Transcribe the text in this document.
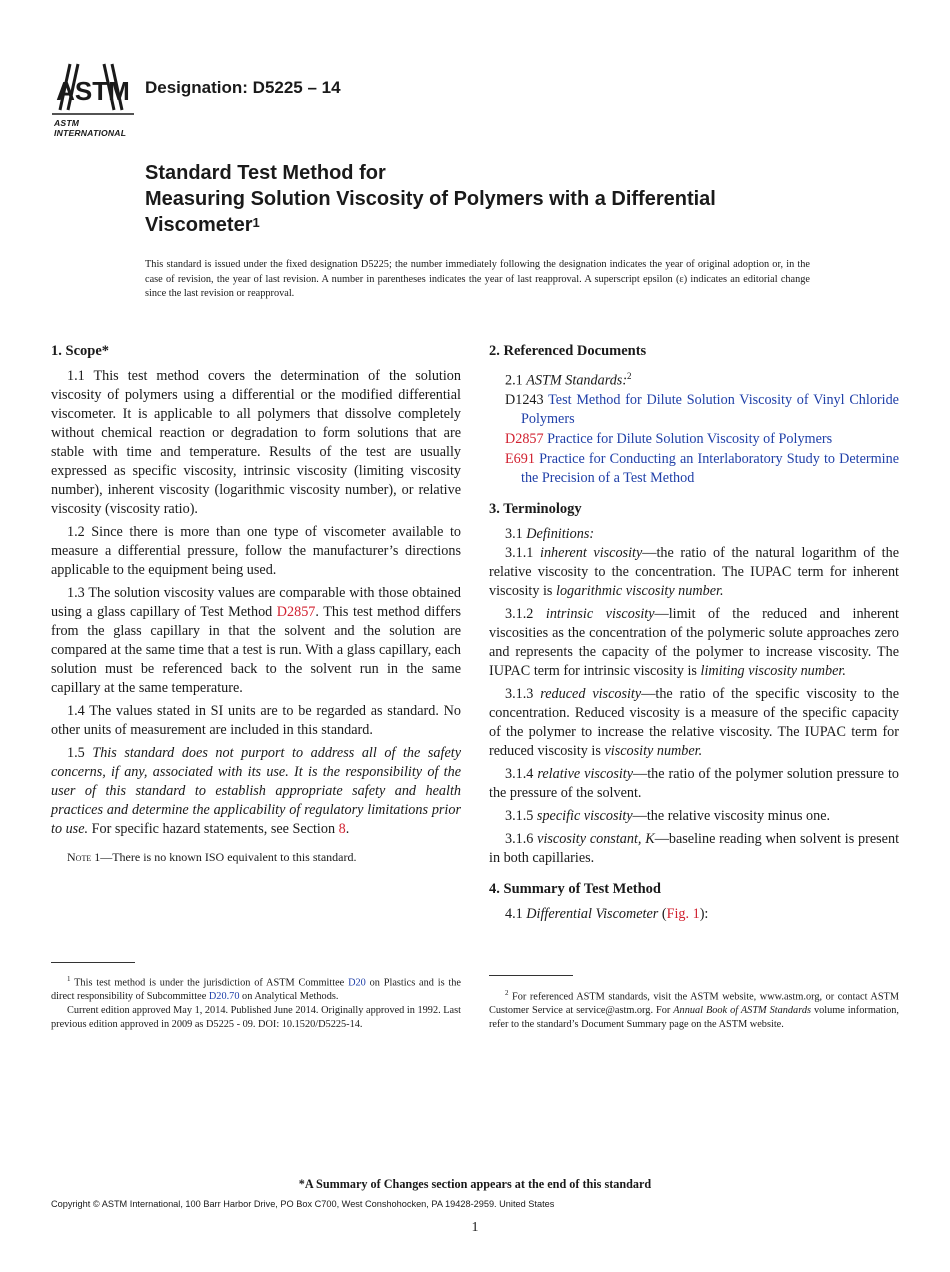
ASTM
ASTM INTERNATIONAL
Designation: D5225 – 14
Standard Test Method for
Measuring Solution Viscosity of Polymers with a Differential
Viscometer$^1$
This standard is issued under the fixed designation D5225; the number immediately following the designation indicates the year of original adoption or, in the case of revision, the year of last revision. A number in parentheses indicates the year of last reapproval. A superscript epsilon (ε) indicates an editorial change since the last revision or reapproval.

1. Scope*

1.1 This test method covers the determination of the solution viscosity of polymers using a differential or the modified differential viscometer. It is applicable to all polymers that dissolve completely without chemical reaction or degradation to form solutions that are stable with time and temperature. Results of the test are usually expressed as specific viscosity, intrinsic viscosity (limiting viscosity number), inherent viscosity (logarithmic viscosity number), or relative viscosity (viscosity ratio).

1.2 Since there is more than one type of viscometer available to measure a differential pressure, follow the manufacturer’s directions applicable to the equipment being used.

1.3 The solution viscosity values are comparable with those obtained using a glass capillary of Test Method D2857. This test method differs from the glass capillary in that the solvent and the solution are compared at the same time that a test is run. With a glass capillary, each solution must be referenced back to the solvent run in the same capillary at the same temperature.

1.4 The values stated in SI units are to be regarded as standard. No other units of measurement are included in this standard.

1.5 This standard does not purport to address all of the safety concerns, if any, associated with its use. It is the responsibility of the user of this standard to establish appropriate safety and health practices and determine the applicability of regulatory limitations prior to use. For specific hazard statements, see Section 8.

Note 1—There is no known ISO equivalent to this standard.

$^1$ This test method is under the jurisdiction of ASTM Committee D20 on Plastics and is the direct responsibility of Subcommittee D20.70 on Analytical Methods.

Current edition approved May 1, 2014. Published June 2014. Originally approved in 1992. Last previous edition approved in 2009 as D5225 - 09. DOI: 10.1520/D5225-14.

2. Referenced Documents

2.1 ASTM Standards:$^2$

D1243 Test Method for Dilute Solution Viscosity of Vinyl Chloride Polymers

D2857 Practice for Dilute Solution Viscosity of Polymers

E691 Practice for Conducting an Interlaboratory Study to Determine the Precision of a Test Method

3. Terminology

3.1 Definitions:

3.1.1 inherent viscosity—the ratio of the natural logarithm of the relative viscosity to the concentration. The IUPAC term for inherent viscosity is logarithmic viscosity number.

3.1.2 intrinsic viscosity—limit of the reduced and inherent viscosities as the concentration of the polymeric solute approaches zero and represents the capacity of the polymer to increase viscosity. The IUPAC term for intrinsic viscosity is limiting viscosity number.

3.1.3 reduced viscosity—the ratio of the specific viscosity to the concentration. Reduced viscosity is a measure of the specific capacity of the polymer to increase the relative viscosity. The IUPAC term for reduced viscosity is viscosity number.

3.1.4 relative viscosity—the ratio of the polymer solution pressure to the pressure of the solvent.

3.1.5 specific viscosity—the relative viscosity minus one.

3.1.6 viscosity constant, K—baseline reading when solvent is present in both capillaries.

4. Summary of Test Method

4.1 Differential Viscometer (Fig. 1):

$^2$ For referenced ASTM standards, visit the ASTM website, www.astm.org, or contact ASTM Customer Service at service@astm.org. For Annual Book of ASTM Standards volume information, refer to the standard’s Document Summary page on the ASTM website.

*A Summary of Changes section appears at the end of this standard
Copyright © ASTM International, 100 Barr Harbor Drive, PO Box C700, West Conshohocken, PA 19428-2959. United States
1
